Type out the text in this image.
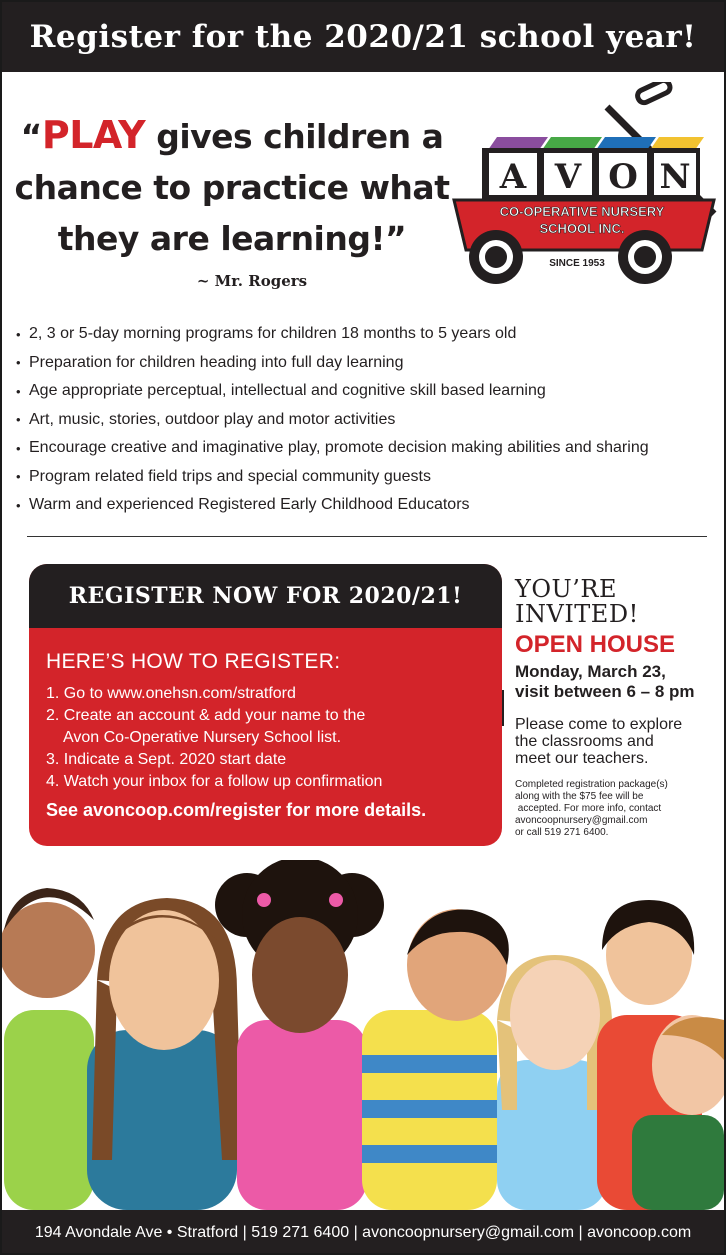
Register for the 2020/21 school year!
“PLAY gives children a
chance to practice what
they are learning!”
~ Mr. Rogers
A V O N
CO-OPERATIVE NURSERY
SCHOOL INC.
SINCE 1953
• 2, 3 or 5-day morning programs for children 18 months to 5 years old
• Preparation for children heading into full day learning
• Age appropriate perceptual, intellectual and cognitive skill based learning
• Art, music, stories, outdoor play and motor activities
• Encourage creative and imaginative play, promote decision making abilities and sharing
• Program related field trips and special community guests
• Warm and experienced Registered Early Childhood Educators
REGISTER NOW FOR 2020/21!
HERE’S HOW TO REGISTER:
1. Go to www.onehsn.com/stratford
2. Create an account & add your name to the
Avon Co-Operative Nursery School list.
3. Indicate a Sept. 2020 start date
4. Watch your inbox for a follow up confirmation
See avoncoop.com/register for more details.
YOU’RE
INVITED!
OPEN HOUSE
Monday, March 23,
visit between 6 – 8 pm
Please come to explore
the classrooms and
meet our teachers.
Completed registration package(s)
along with the $75 fee will be
accepted. For more info, contact
avoncoopnursery@gmail.com
or call 519 271 6400.
194 Avondale Ave • Stratford | 519 271 6400 | avoncoopnursery@gmail.com | avoncoop.com
